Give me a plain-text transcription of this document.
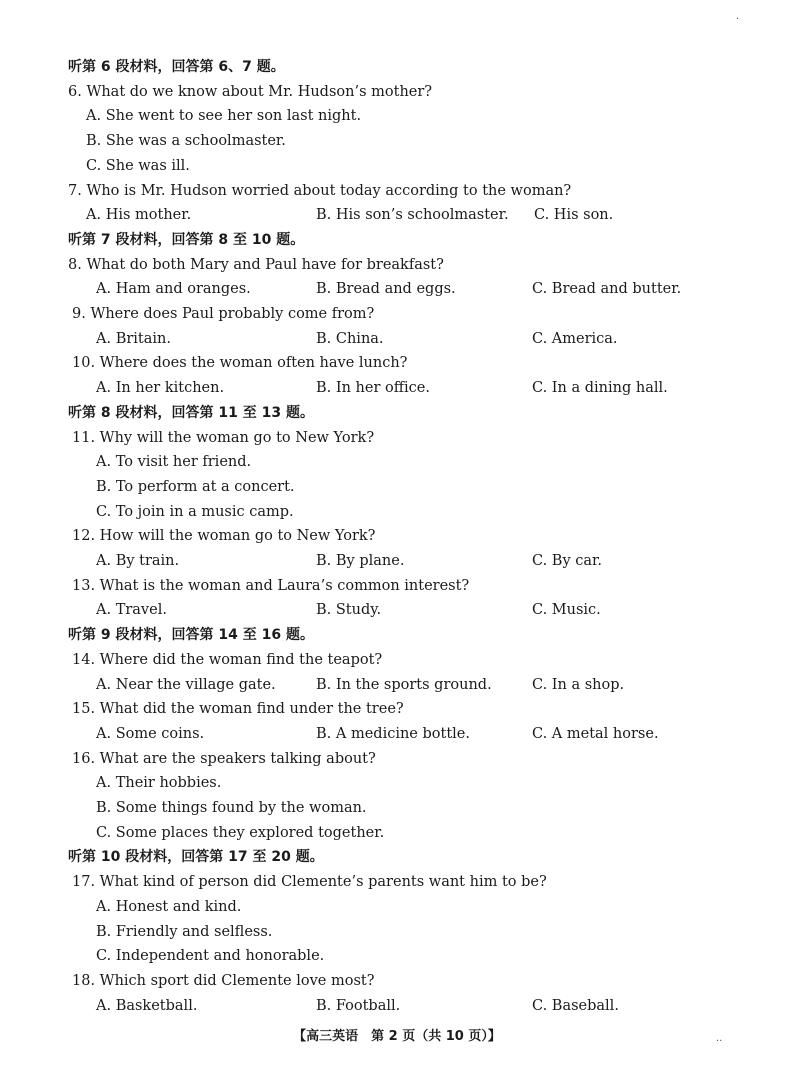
【高三英语　第 2 页（共 10 页）】
·
··
听第 6 段材料，回答第 6、7 题。
6. What do we know about Mr. Hudson’s mother?
A. She went to see her son last night.
B. She was a schoolmaster.
C. She was ill.
7. Who is Mr. Hudson worried about today according to the woman?
A. His mother.	B. His son’s schoolmaster. C. His son.
听第 7 段材料，回答第 8 至 10 题。
8. What do both Mary and Paul have for breakfast?
A. Ham and oranges.	B. Bread and eggs.	C. Bread and butter.
9. Where does Paul probably come from?
A. Britain.	B. China.	C. America.
10. Where does the woman often have lunch?
A. In her kitchen.	B. In her office.	C. In a dining hall.
听第 8 段材料，回答第 11 至 13 题。
11. Why will the woman go to New York?
A. To visit her friend.
B. To perform at a concert.
C. To join in a music camp.
12. How will the woman go to New York?
A. By train.	B. By plane.	C. By car.
13. What is the woman and Laura’s common interest?
A. Travel.	B. Study.	C. Music.
听第 9 段材料，回答第 14 至 16 题。
14. Where did the woman find the teapot?
A. Near the village gate.	B. In the sports ground.	C. In a shop.
15. What did the woman find under the tree?
A. Some coins.	B. A medicine bottle.	C. A metal horse.
16. What are the speakers talking about?
A. Their hobbies.
B. Some things found by the woman.
C. Some places they explored together.
听第 10 段材料，回答第 17 至 20 题。
17. What kind of person did Clemente’s parents want him to be?
A. Honest and kind.
B. Friendly and selfless.
C. Independent and honorable.
18. Which sport did Clemente love most?
A. Basketball.	B. Football.	C. Baseball.
